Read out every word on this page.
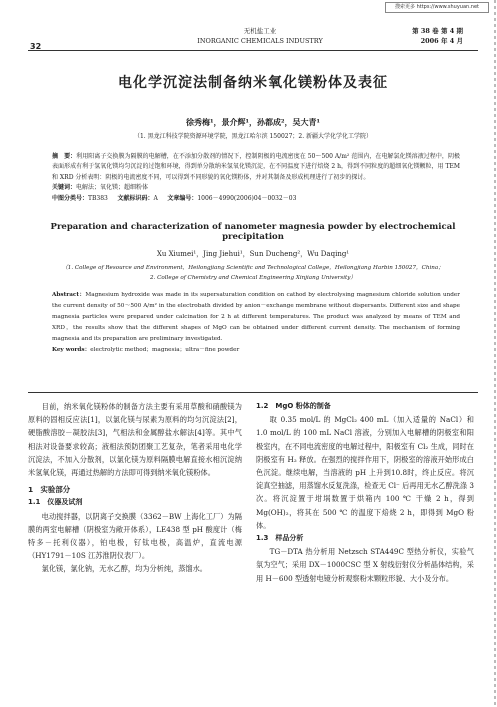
搜索更多 https://www.shuyuan.net
32
无机盐工业
INORGANIC CHEMICALS INDUSTRY
第 38 卷 第 4 期
2006 年 4 月
电化学沉淀法制备纳米氧化镁粉体及表征
徐秀梅¹，景介辉¹，孙都成²，吴大青¹
（1. 黑龙江科技学院资源环境学院，黑龙江哈尔滨 150027；2. 新疆大学化学化工学院）
摘　要：利用阳离子交换膜为隔膜的电解槽，在不添加分散剂的情况下，控制阴极的电流密度在 50～500 A/m² 范围内，在电解氯化镁溶液过程中，阴极表面形成有利于氢氧化镁均匀沉淀的过饱和环境，得到单分散纳米氢氧化镁沉淀，在不同温度下进行焙烧 2 h，得到不同粒度的超细氧化镁颗粒，用 TEM 和 XRD 分析表明：阴极的电流密度不同，可以得到不同形貌的氧化镁粉体，并对其制备及形成机理进行了初步的探讨。
关键词：电解法；氧化镁；超细粉体
中图分类号：TB383 文献标识码：A 文章编号：1006－4990(2006)04－0032－03
Preparation and characterization of nanometer magnesia powder by electrochemical precipitation
Xu Xiumei¹，Jing Jiehui¹，Sun Ducheng²，Wu Daqing¹
（1. College of Resource and Environment，Heilongjiang Scientific and Technological College，Heilongjiang Harbin 150027，China；
2. College of Chemistry and Chemical Engineering Xinjiang University）
Abstract：Magnesium hydroxide was made in its supersaturation condition on cathod by electrolysing magnesium chloride solution under the current density of 50～500 A/m² in the electrobath divided by anion－exchange membrane without dispersants. Different size and shape magnesia particles were prepared under calcination for 2 h at different temperatures. The product was analyzed by means of TEM and XRD，the results show that the different shapes of MgO can be obtained under different current density. The mechanism of forming magnesia and its preparation are preliminary investigated.
Key words：electrolytic method；magnesia；ultra－fine powder

目前，纳米氧化镁粉体的制备方法主要有采用草酸和硝酸镁为原料的固相反应法[1]，以氯化镁与尿素为原料的均匀沉淀法[2]，硬脂酸溶胶－凝胶法[3]，气相法和金属醇盐水解法[4]等。其中气相法对设备要求较高；液相法预防团聚工艺复杂，笔者采用电化学沉淀法，不加入分散剂，以氯化镁为原料隔膜电解直接水相沉淀纳米氢氧化镁，再通过热解的方法即可得到纳米氧化镁粉体。

1　实验部分

1.1　仪器及试剂

电动搅拌器，以阴离子交换膜（3362－BW 上海化工厂）为隔膜的两室电解槽（阴极室为敞开体系），LE438 型 pH 酸度计（梅特多－托利仪器），铂电极，钌钛电极，高温炉，直流电源（HY1791－10S 江苏淮阴仪表厂）。

氯化镁，氯化钠，无水乙醇，均为分析纯，蒸馏水。

1.2　MgO 粉体的制备

取 0.35 mol/L 的 MgCl₂ 400 mL（加入适量的 NaCl）和 1.0 mol/L 的 100 mL NaCl 溶液，分别加入电解槽的阴极室和阳极室内，在不同电流密度的电解过程中，阳极室有 Cl₂ 生成，同时在阴极室有 H₂ 释放。在强烈的搅拌作用下，阴极室的溶液开始形成白色沉淀。继续电解，当溶液的 pH 上升到10.8时，终止反应。将沉淀真空抽滤，用蒸馏水反复洗涤，检查无 Cl⁻ 后再用无水乙醇洗涤 3 次。将沉淀置于坩埚数置于烘箱内 100 ℃ 干燥 2 h，得到 Mg(OH)₂，将其在 500 ℃ 的温度下焙烧 2 h，即得到 MgO 粉体。

1.3　样品分析

TG－DTA 热分析用 Netzsch STA449C 型热分析仪，实验气氛为空气；采用 DX－1000CSC 型 X 射线衍射仪分析晶体结构，采用 H－600 型透射电镜分析观察粉末颗粒形貌、大小及分布。
